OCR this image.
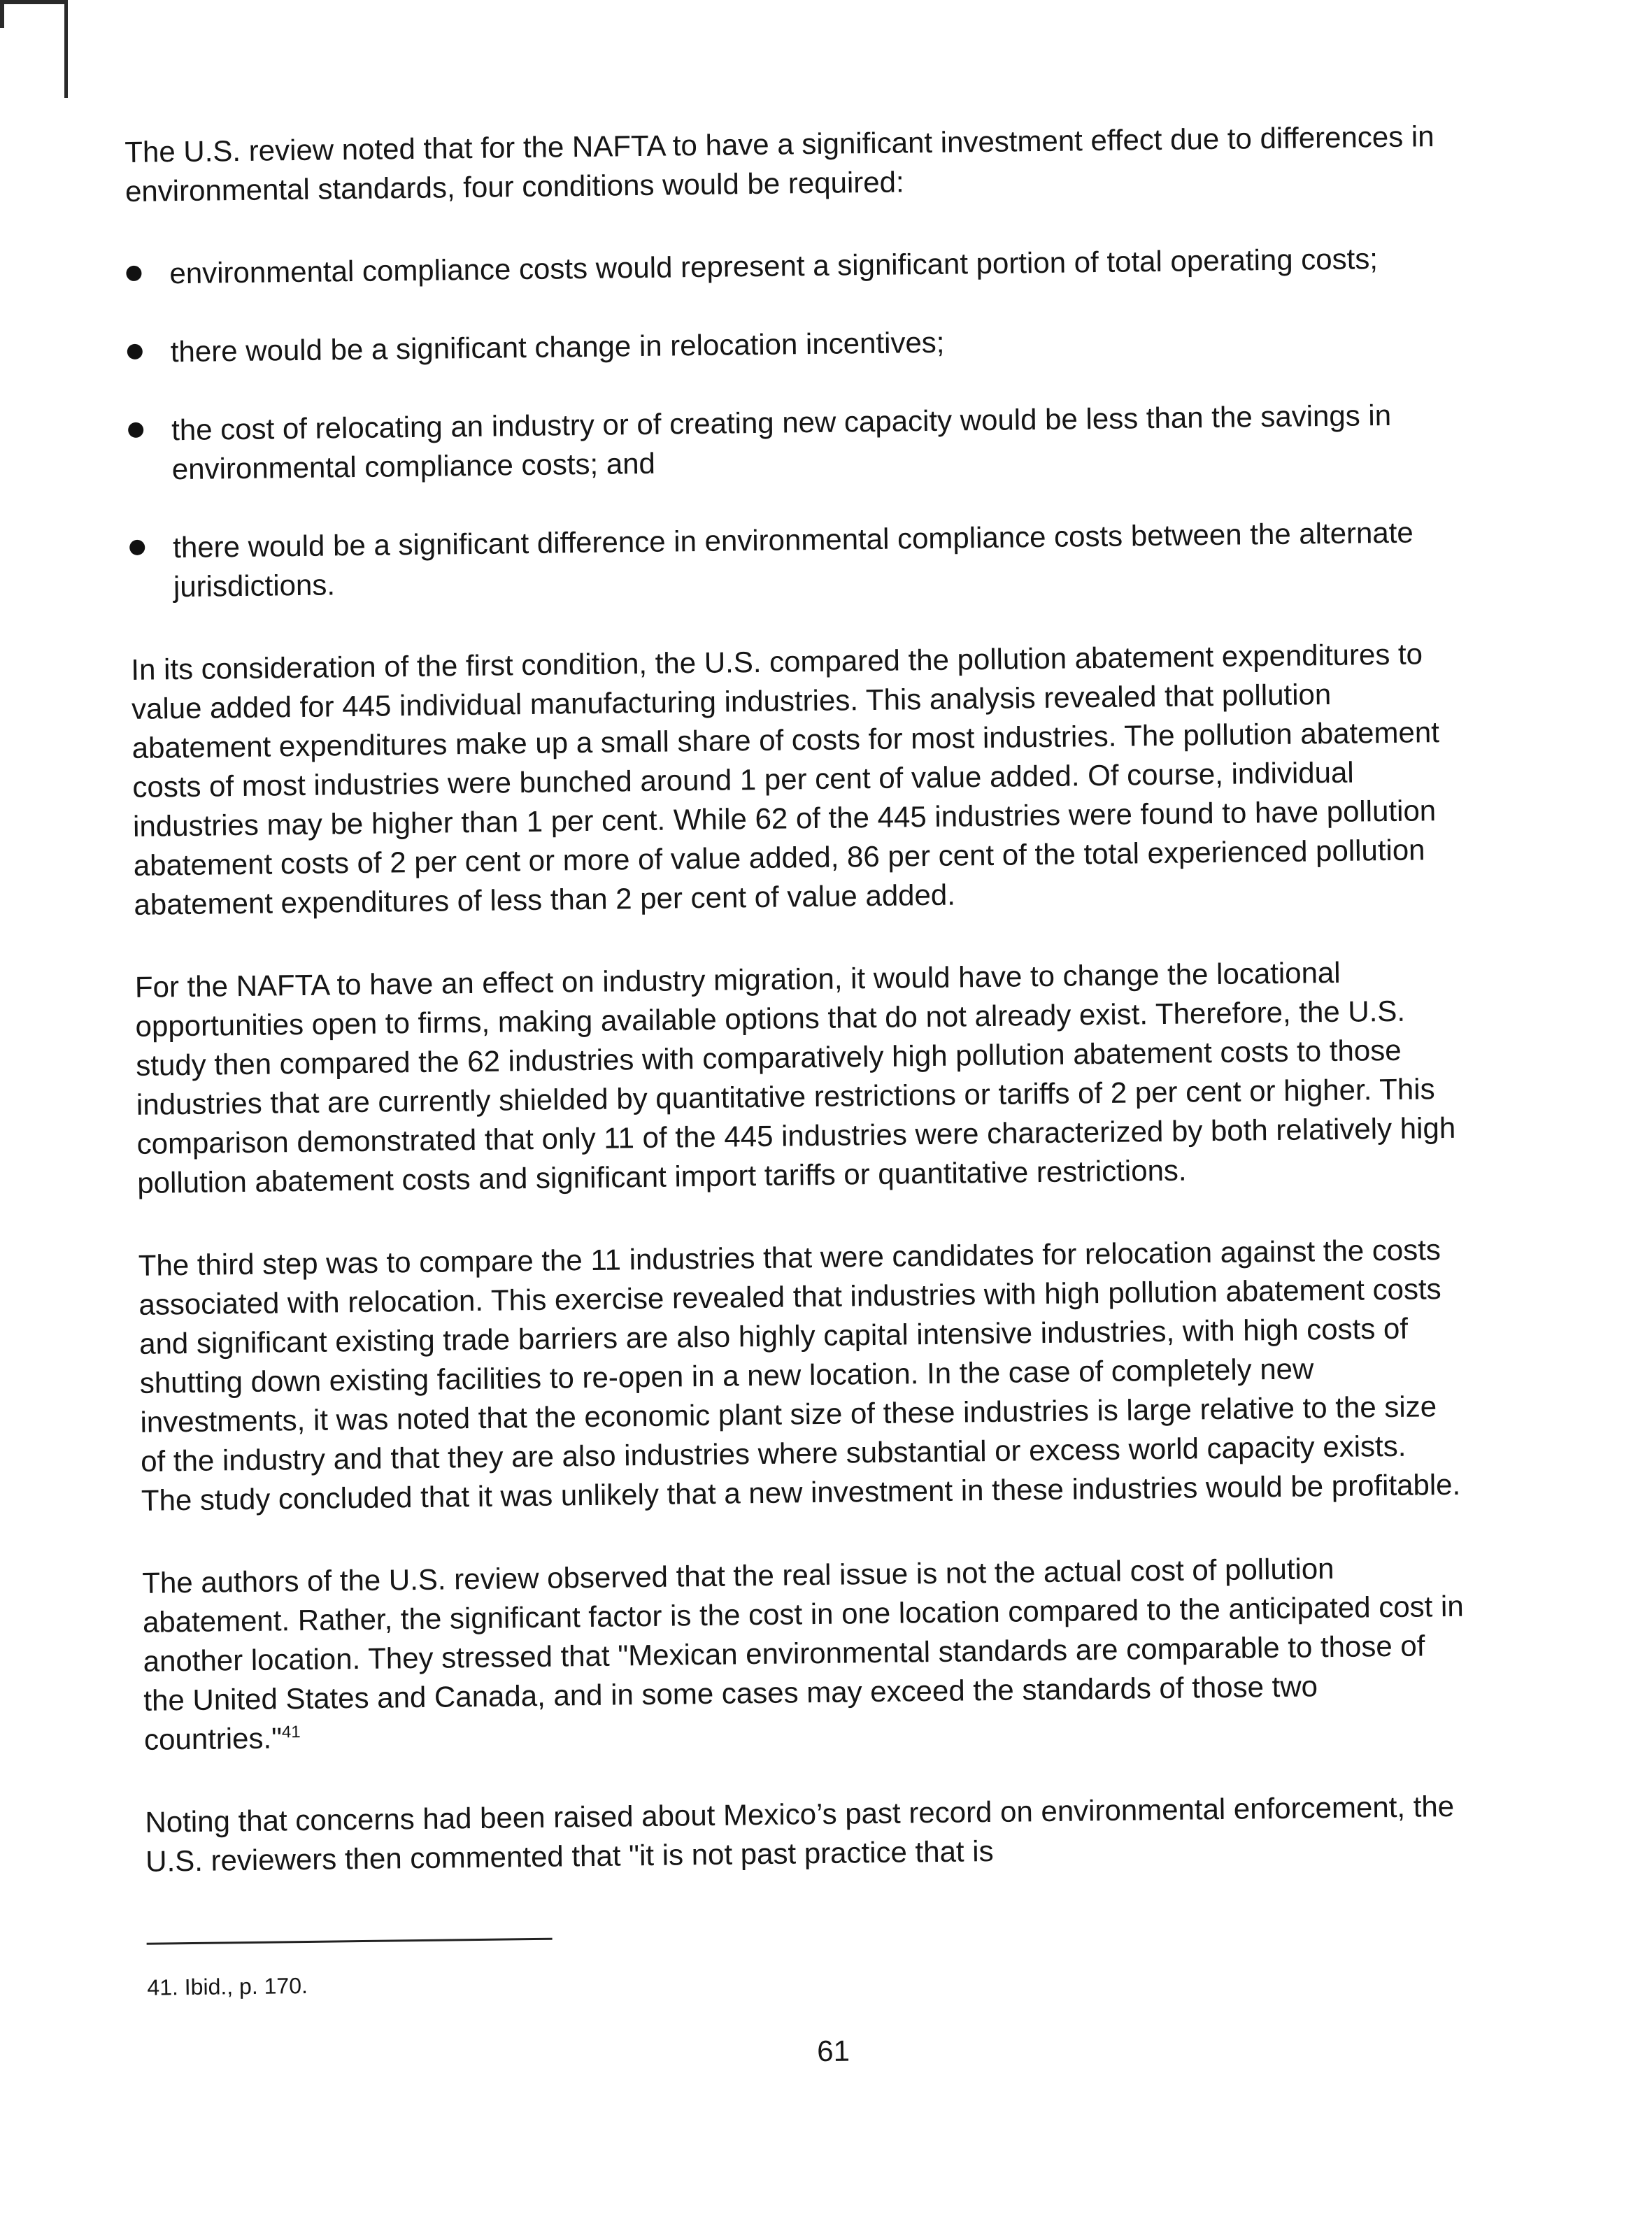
The U.S. review noted that for the NAFTA to have a significant investment effect due to differences in environmental standards, four conditions would be required:

environmental compliance costs would represent a significant portion of total operating costs;
there would be a significant change in relocation incentives;
the cost of relocating an industry or of creating new capacity would be less than the savings in environmental compliance costs; and
there would be a significant difference in environmental compliance costs between the alternate jurisdictions.

In its consideration of the first condition, the U.S. compared the pollution abatement expenditures to value added for 445 individual manufacturing industries. This analysis revealed that pollution abatement expenditures make up a small share of costs for most industries. The pollution abatement costs of most industries were bunched around 1 per cent of value added. Of course, individual industries may be higher than 1 per cent. While 62 of the 445 industries were found to have pollution abatement costs of 2 per cent or more of value added, 86 per cent of the total experienced pollution abatement expenditures of less than 2 per cent of value added.

For the NAFTA to have an effect on industry migration, it would have to change the locational opportunities open to firms, making available options that do not already exist. Therefore, the U.S. study then compared the 62 industries with comparatively high pollution abatement costs to those industries that are currently shielded by quantitative restrictions or tariffs of 2 per cent or higher. This comparison demonstrated that only 11 of the 445 industries were characterized by both relatively high pollution abatement costs and significant import tariffs or quantitative restrictions.

The third step was to compare the 11 industries that were candidates for relocation against the costs associated with relocation. This exercise revealed that industries with high pollution abatement costs and significant existing trade barriers are also highly capital intensive industries, with high costs of shutting down existing facilities to re-open in a new location. In the case of completely new investments, it was noted that the economic plant size of these industries is large relative to the size of the industry and that they are also industries where substantial or excess world capacity exists. The study concluded that it was unlikely that a new investment in these industries would be profitable.

The authors of the U.S. review observed that the real issue is not the actual cost of pollution abatement. Rather, the significant factor is the cost in one location compared to the anticipated cost in another location. They stressed that "Mexican environmental standards are comparable to those of the United States and Canada, and in some cases may exceed the standards of those two countries."$^{41}$

Noting that concerns had been raised about Mexico’s past record on environmental enforcement, the U.S. reviewers then commented that "it is not past practice that is

41. Ibid., p. 170.

61
